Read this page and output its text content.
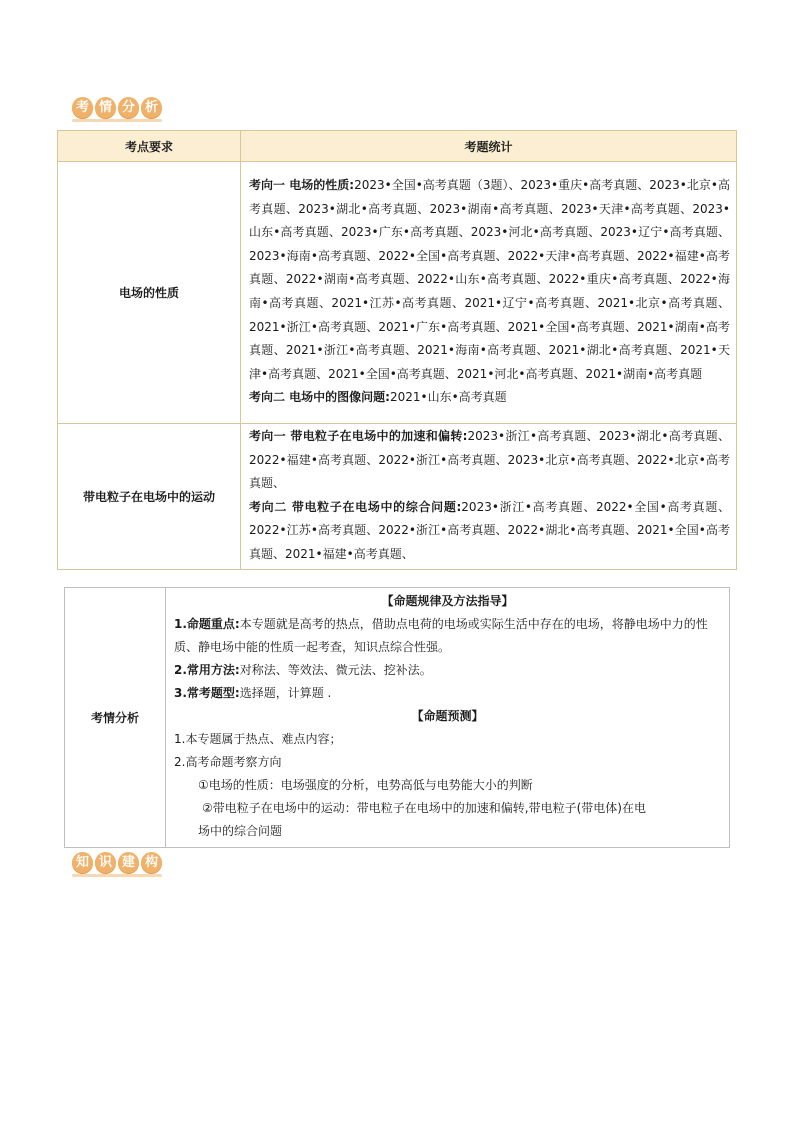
考 情 分 析
考点要求	考题统计
电场的性质	考向一 电场的性质:2023•全国•高考真题（3题）、2023•重庆•高考真题、2023•北京•高考真题、2023•湖北•高考真题、2023•湖南•高考真题、2023•天津•高考真题、2023•山东•高考真题、2023•广东•高考真题、2023•河北•高考真题、2023•辽宁•高考真题、2023•海南•高考真题、2022•全国•高考真题、2022•天津•高考真题、2022•福建•高考真题、2022•湖南•高考真题、2022•山东•高考真题、2022•重庆•高考真题、2022•海南•高考真题、2021•江苏•高考真题、2021•辽宁•高考真题、2021•北京•高考真题、2021•浙江•高考真题、2021•广东•高考真题、2021•全国•高考真题、2021•湖南•高考真题、2021•浙江•高考真题、2021•海南•高考真题、2021•湖北•高考真题、2021•天津•高考真题、2021•全国•高考真题、2021•河北•高考真题、2021•湖南•高考真题
考向二 电场中的图像问题:2021•山东•高考真题

带电粒子在电场中的运动	考向一 带电粒子在电场中的加速和偏转:2023•浙江•高考真题、2023•湖北•高考真题、2022•福建•高考真题、2022•浙江•高考真题、2023•北京•高考真题、2022•北京•高考真题、
考向二 带电粒子在电场中的综合问题:2023•浙江•高考真题、2022•全国•高考真题、2022•江苏•高考真题、2022•浙江•高考真题、2022•湖北•高考真题、2021•全国•高考真题、2021•福建•高考真题、
考情分析	
【命题规律及方法指导】
1.命题重点:本专题就是高考的热点，借助点电荷的电场或实际生活中存在的电场，将静电场中力的性质、静电场中能的性质一起考查，知识点综合性强。
2.常用方法:对称法、等效法、微元法、挖补法。
3.常考题型:选择题，计算题 .
【命题预测】
1.本专题属于热点、难点内容；
2.高考命题考察方向
①电场的性质：电场强度的分析，电势高低与电势能大小的判断
②带电粒子在电场中的运动：带电粒子在电场中的加速和偏转,带电粒子(带电体)在电
场中的综合问题
知 识 建 构
